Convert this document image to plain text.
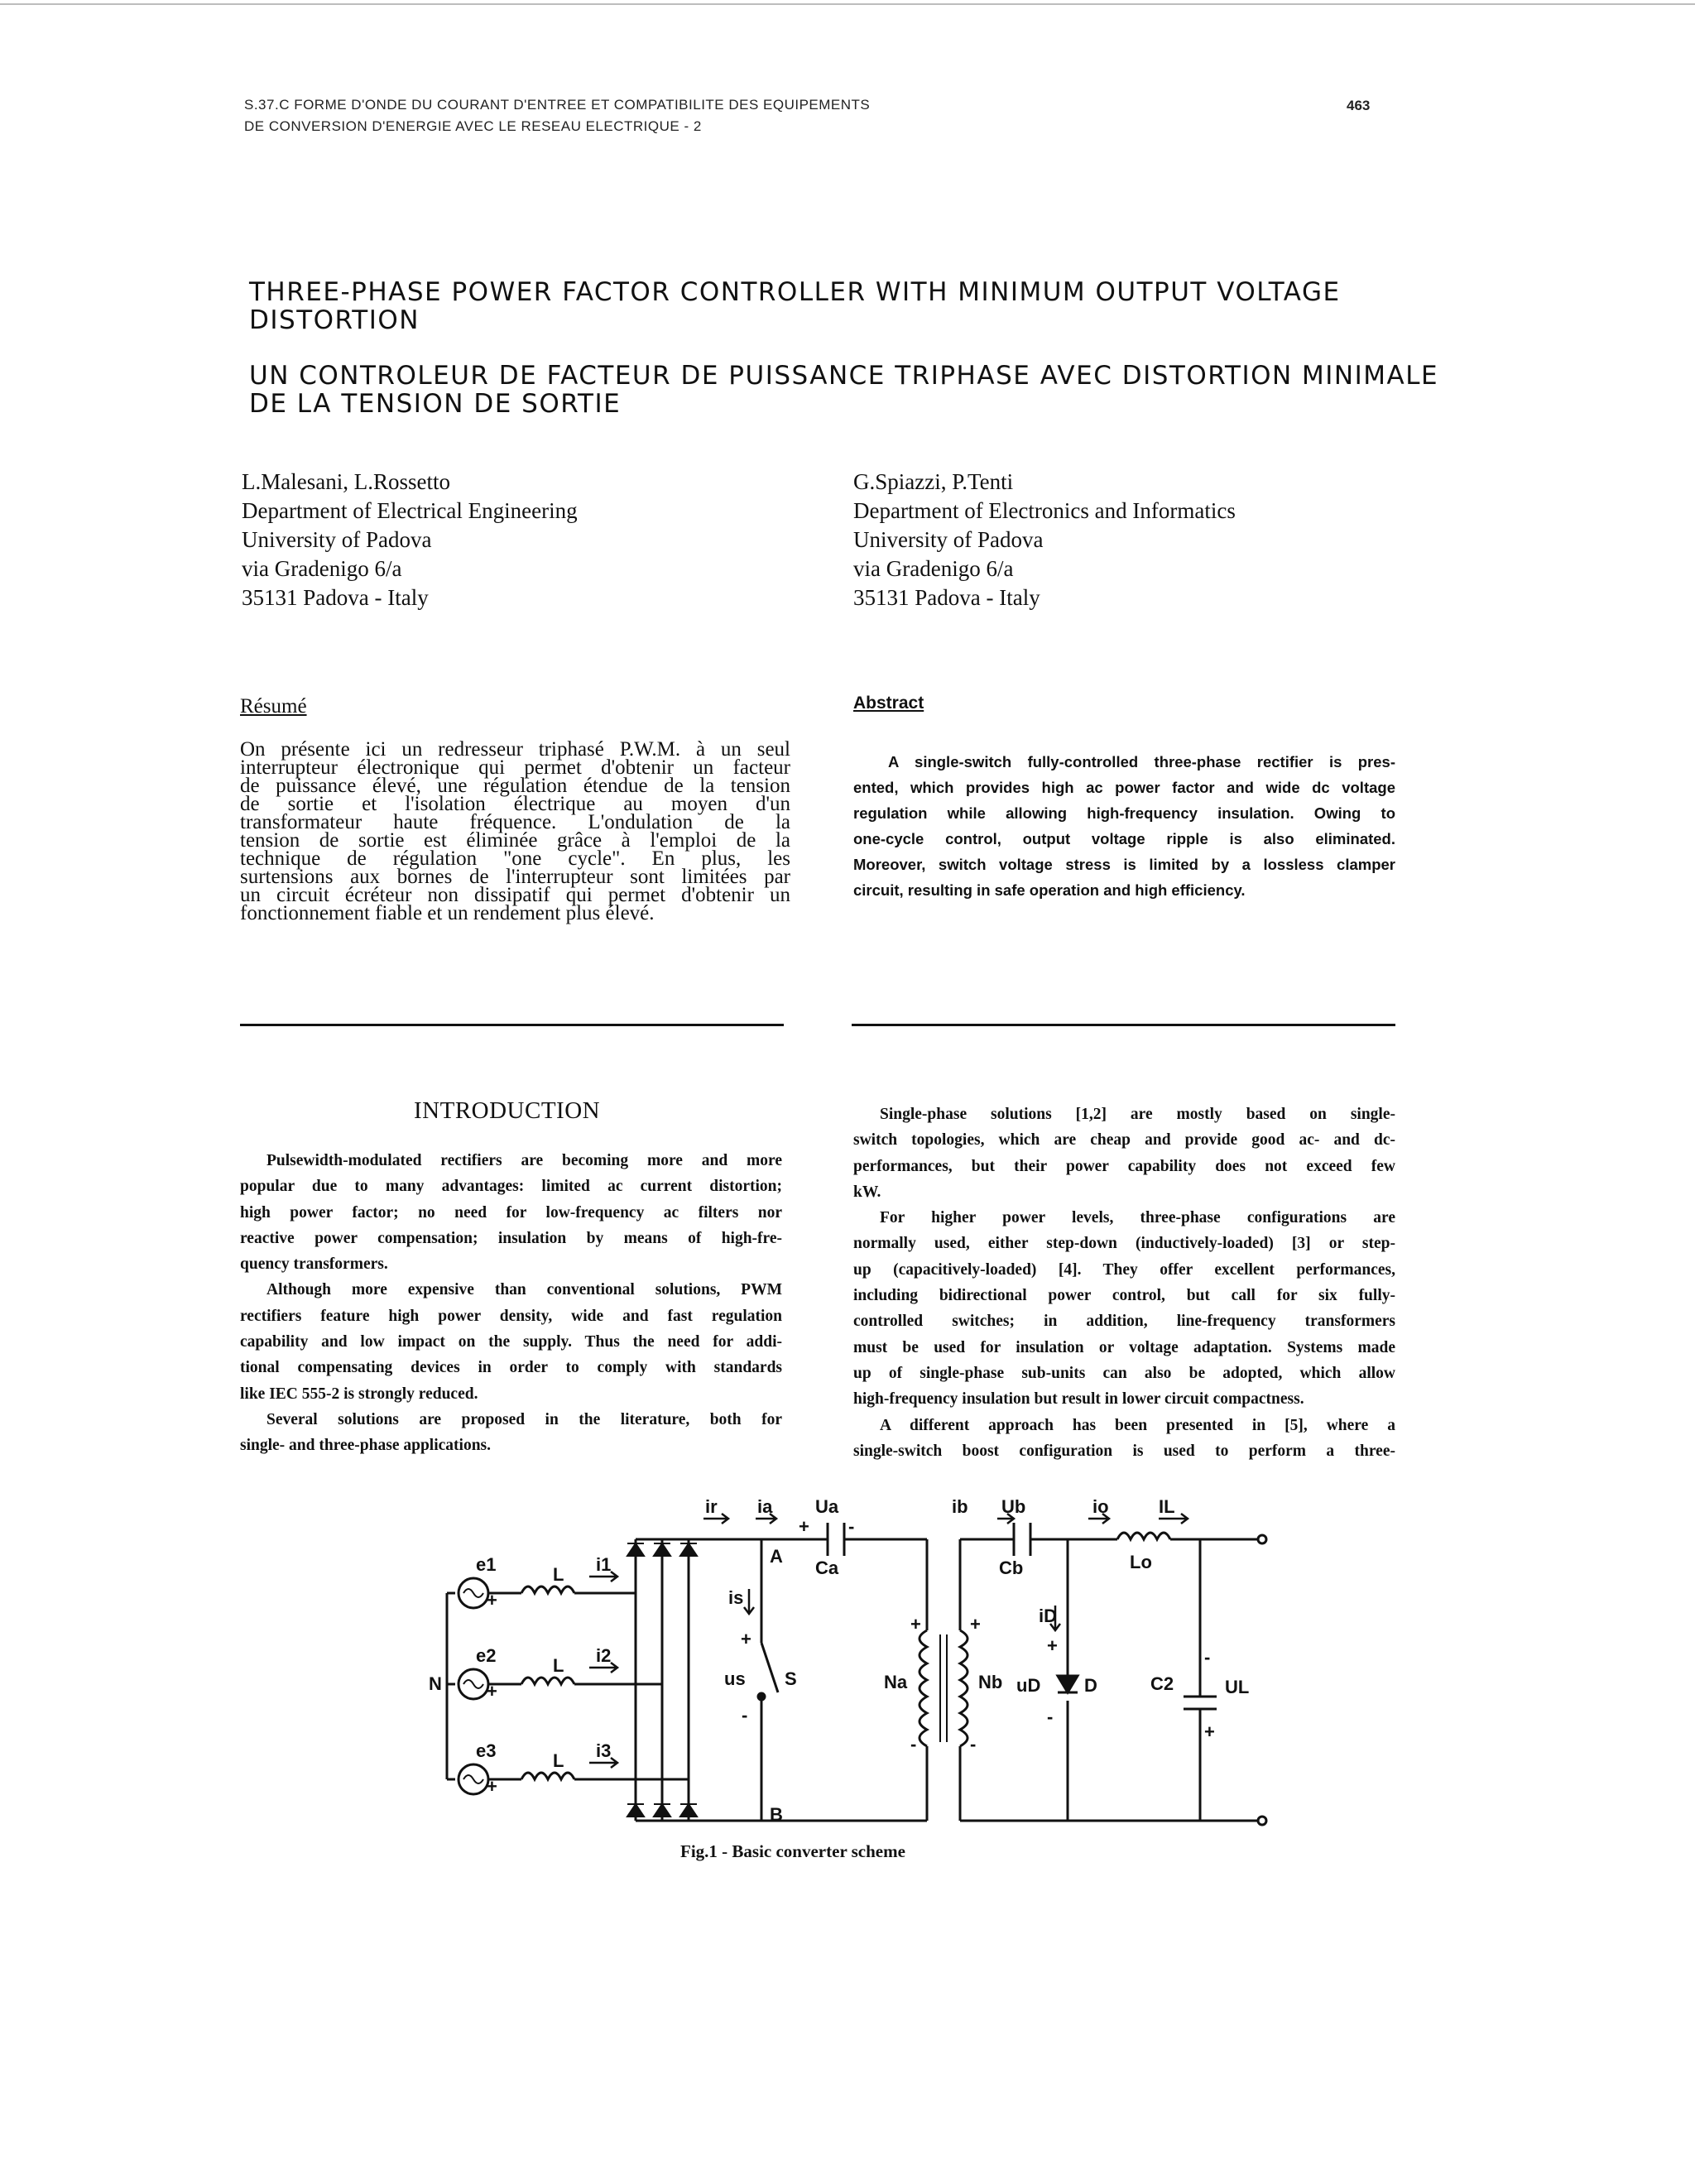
S.37.C FORME D'ONDE DU COURANT D'ENTREE ET COMPATIBILITE DES EQUIPEMENTS
DE CONVERSION D'ENERGIE AVEC LE RESEAU ELECTRIQUE - 2
463
THREE-PHASE POWER FACTOR CONTROLLER WITH MINIMUM OUTPUT VOLTAGE
DISTORTION
UN CONTROLEUR DE FACTEUR DE PUISSANCE TRIPHASE AVEC DISTORTION MINIMALE
DE LA TENSION DE SORTIE
L.Malesani, L.Rossetto
Department of Electrical Engineering
University of Padova
via Gradenigo 6/a
35131 Padova - Italy
G.Spiazzi, P.Tenti
Department of Electronics and Informatics
University of Padova
via Gradenigo 6/a
35131 Padova - Italy
Résumé	Abstract
On présente ici un redresseur triphasé P.W.M. à un seul
interrupteur électronique qui permet d'obtenir un facteur
de puissance élevé, une régulation étendue de la tension
de sortie et l'isolation électrique au moyen d'un
transformateur haute fréquence. L'ondulation de la
tension de sortie est éliminée grâce à l'emploi de la
technique de régulation "one cycle". En plus, les
surtensions aux bornes de l'interrupteur sont limitées par
un circuit écréteur non dissipatif qui permet d'obtenir un
fonctionnement fiable et un rendement plus élevé.
A single-switch fully-controlled three-phase rectifier is pres-
ented, which provides high ac power factor and wide dc voltage
regulation while allowing high-frequency insulation. Owing to
one-cycle control, output voltage ripple is also eliminated.
Moreover, switch voltage stress is limited by a lossless clamper
circuit, resulting in safe operation and high efficiency.
INTRODUCTION
Pulsewidth-modulated rectifiers are becoming more and more
popular due to many advantages: limited ac current distortion;
high power factor; no need for low-frequency ac filters nor
reactive power compensation; insulation by means of high-fre-
quency transformers.
Although more expensive than conventional solutions, PWM
rectifiers feature high power density, wide and fast regulation
capability and low impact on the supply. Thus the need for addi-
tional compensating devices in order to comply with standards
like IEC 555-2 is strongly reduced.
Several solutions are proposed in the literature, both for
single- and three-phase applications.
Single-phase solutions [1,2] are mostly based on single-
switch topologies, which are cheap and provide good ac- and dc-
performances, but their power capability does not exceed few
kW.
For higher power levels, three-phase configurations are
normally used, either step-down (inductively-loaded) [3] or step-
up (capacitively-loaded) [4]. They offer excellent performances,
including bidirectional power control, but call for six fully-
controlled switches; in addition, line-frequency transformers
must be used for insulation or voltage adaptation. Systems made
up of single-phase sub-units can also be adopted, which allow
high-frequency insulation but result in lower circuit compactness.
A different approach has been presented in [5], where a
single-switch boost configuration is used to perform a three-
N
e1
e2
e3
+
+
+
L
L
L
i1
i2
i3
ir ia Ua
+ -
Ca
A
B
is
+
us
-
S
+
Na
-
+
Nb
-
ib Ub
Cb
io
Lo
iD
+
uD
-
D	C2	UL
-
+
IL
Fig.1 - Basic converter scheme
